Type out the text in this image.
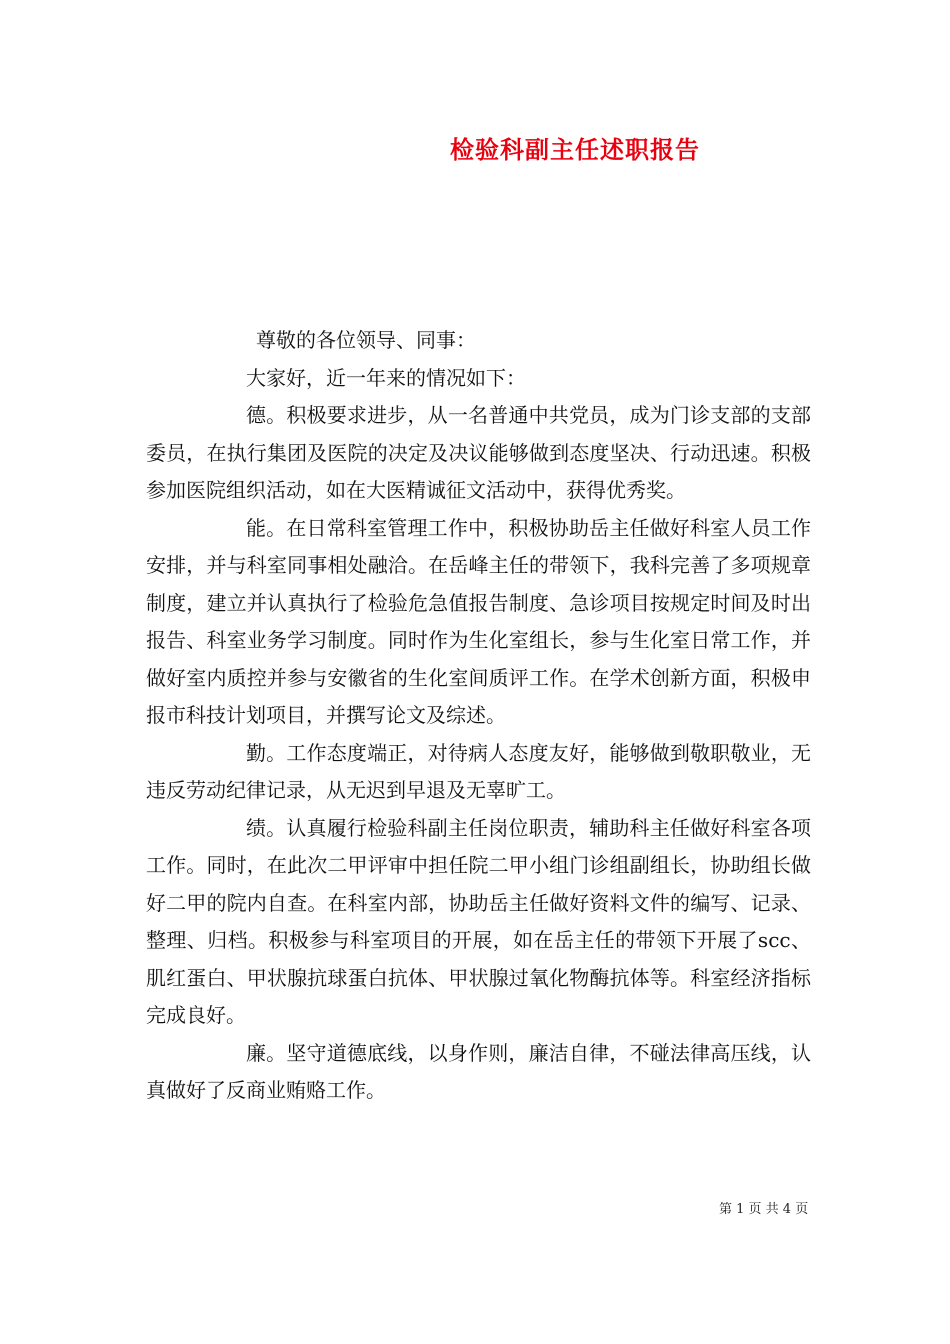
检验科副主任述职报告

尊敬的各位领导、同事：

大家好，近一年来的情况如下：

德。积极要求进步，从一名普通中共党员，成为门诊支部的支部委员，在执行集团及医院的决定及决议能够做到态度坚决、行动迅速。积极参加医院组织活动，如在大医精诚征文活动中，获得优秀奖。

能。在日常科室管理工作中，积极协助岳主任做好科室人员工作安排，并与科室同事相处融洽。在岳峰主任的带领下，我科完善了多项规章制度，建立并认真执行了检验危急值报告制度、急诊项目按规定时间及时出报告、科室业务学习制度。同时作为生化室组长，参与生化室日常工作，并做好室内质控并参与安徽省的生化室间质评工作。在学术创新方面，积极申报市科技计划项目，并撰写论文及综述。

勤。工作态度端正，对待病人态度友好，能够做到敬职敬业，无违反劳动纪律记录，从无迟到早退及无辜旷工。

绩。认真履行检验科副主任岗位职责，辅助科主任做好科室各项工作。同时，在此次二甲评审中担任院二甲小组门诊组副组长，协助组长做好二甲的院内自查。在科室内部，协助岳主任做好资料文件的编写、记录、整理、归档。积极参与科室项目的开展，如在岳主任的带领下开展了scc、肌红蛋白、甲状腺抗球蛋白抗体、甲状腺过氧化物酶抗体等。科室经济指标完成良好。

廉。坚守道德底线，以身作则，廉洁自律，不碰法律高压线，认真做好了反商业贿赂工作。

第 1 页 共 4 页
